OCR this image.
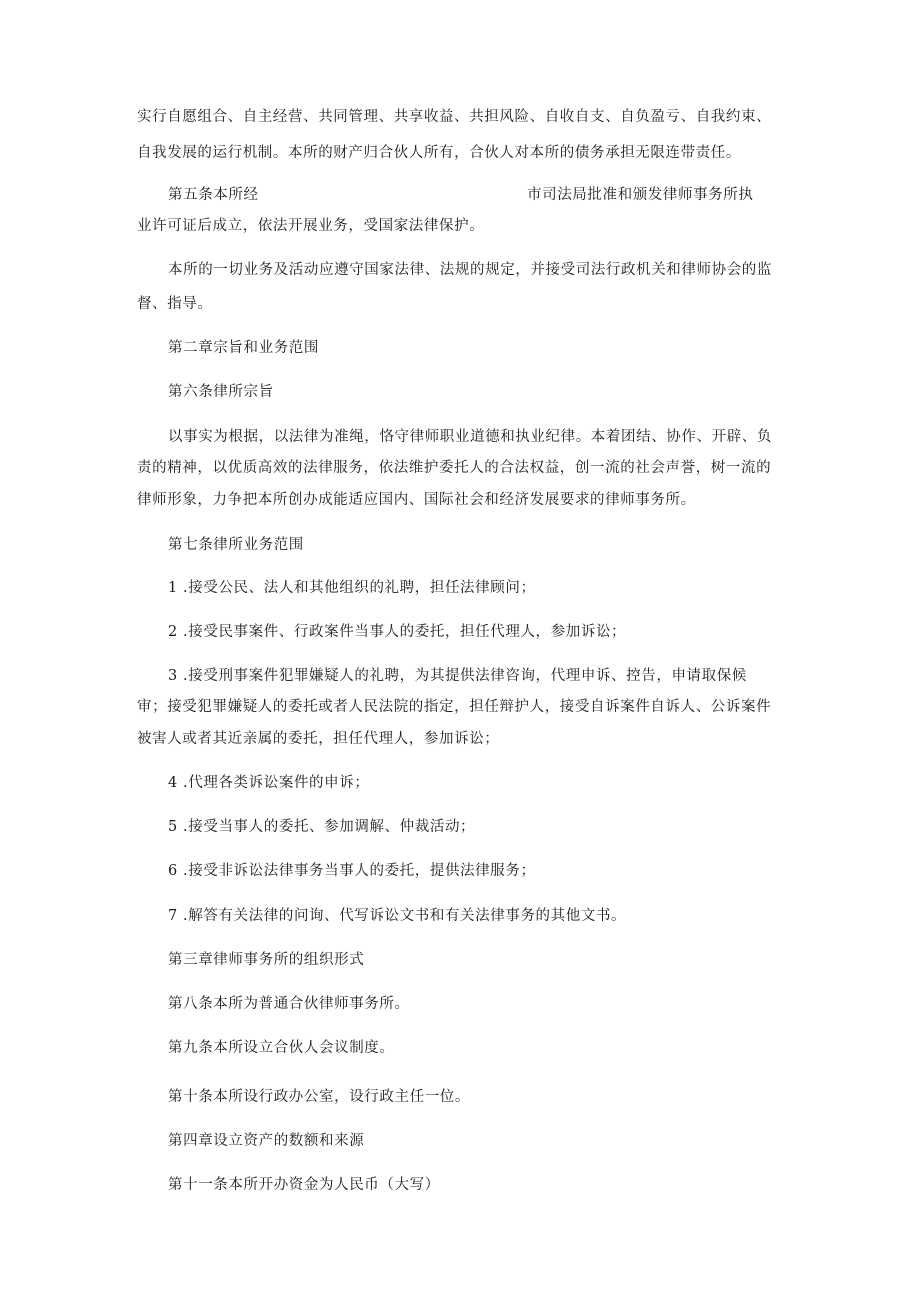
实行自愿组合、自主经营、共同管理、共享收益、共担风险、自收自支、自负盈亏、自我约束、
自我发展的运行机制。本所的财产归合伙人所有，合伙人对本所的债务承担无限连带责任。
第五条本所经	市司法局批准和颁发律师事务所执
业许可证后成立，依法开展业务，受国家法律保护。
本所的一切业务及活动应遵守国家法律、法规的规定，并接受司法行政机关和律师协会的监
督、指导。
第二章宗旨和业务范围
第六条律所宗旨
以事实为根据，以法律为准绳，恪守律师职业道德和执业纪律。本着团结、协作、开辟、负
责的精神，以优质高效的法律服务，依法维护委托人的合法权益，创一流的社会声誉，树一流的
律师形象，力争把本所创办成能适应国内、国际社会和经济发展要求的律师事务所。
第七条律所业务范围
1 .接受公民、法人和其他组织的礼聘，担任法律顾问；
2 .接受民事案件、行政案件当事人的委托，担任代理人，参加诉讼；
3 .接受刑事案件犯罪嫌疑人的礼聘，为其提供法律咨询，代理申诉、控告，申请取保候
审；接受犯罪嫌疑人的委托或者人民法院的指定，担任辩护人，接受自诉案件自诉人、公诉案件
被害人或者其近亲属的委托，担任代理人，参加诉讼；
4 .代理各类诉讼案件的申诉；
5 .接受当事人的委托、参加调解、仲裁活动；
6 .接受非诉讼法律事务当事人的委托，提供法律服务；
7 .解答有关法律的问询、代写诉讼文书和有关法律事务的其他文书。
第三章律师事务所的组织形式
第八条本所为普通合伙律师事务所。
第九条本所设立合伙人会议制度。
第十条本所设行政办公室，设行政主任一位。
第四章设立资产的数额和来源
第十一条本所开办资金为人民币（大写）
